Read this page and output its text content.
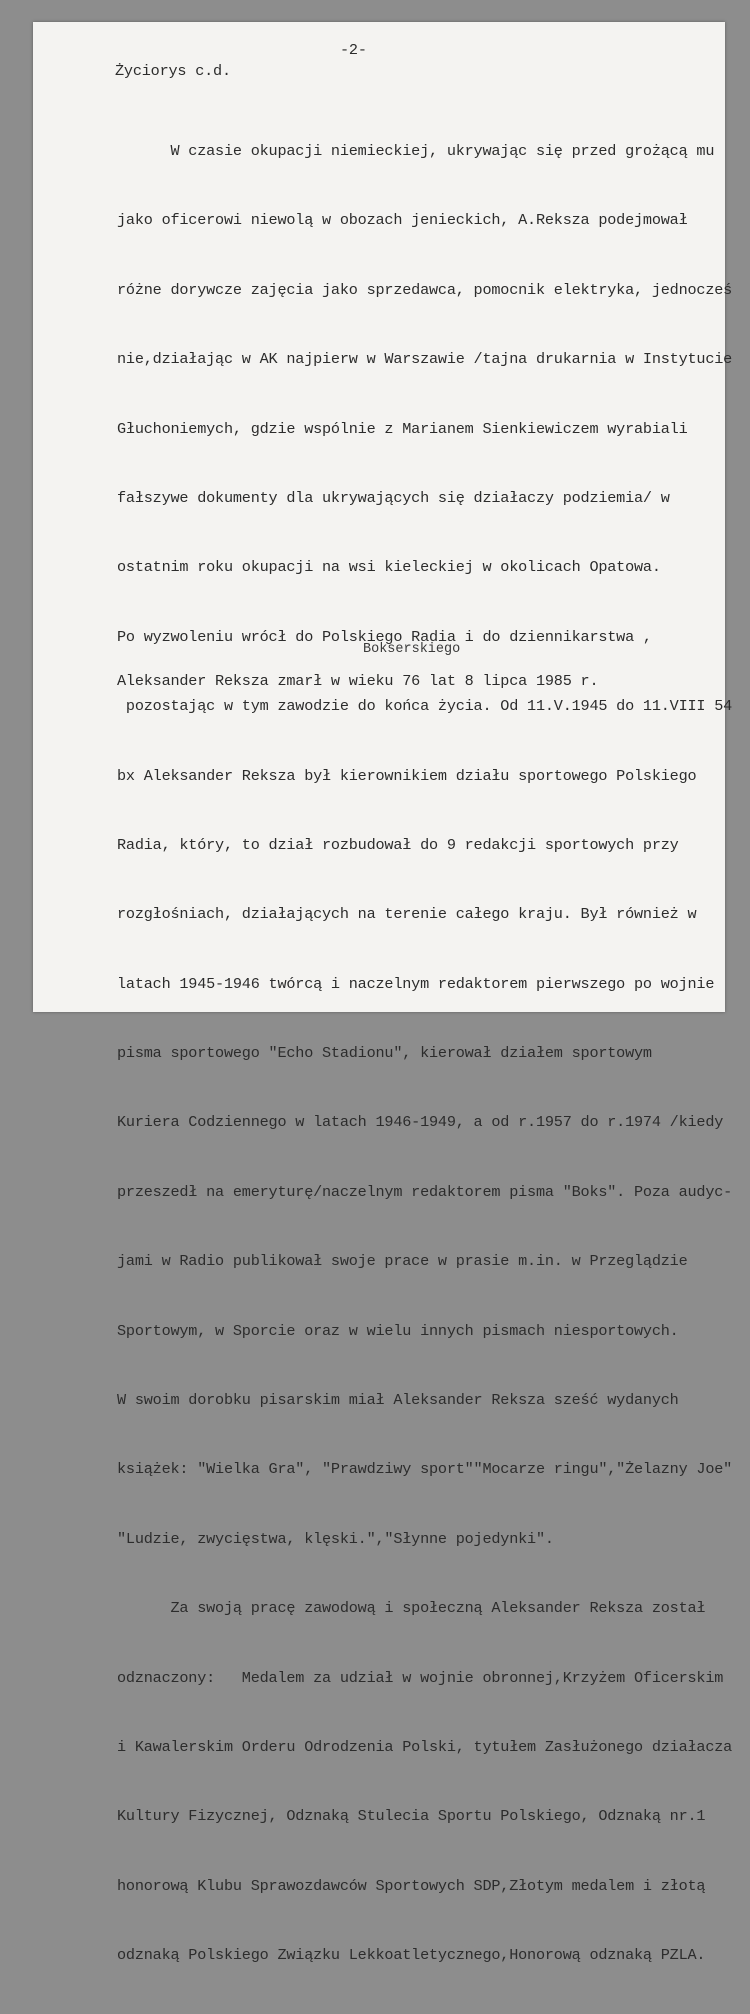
-2-
Życiorys c.d.

W czasie okupacji niemieckiej, ukrywając się przed grożącą mu

jako oficerowi niewolą w obozach jenieckich, A.Reksza podejmował

różne dorywcze zajęcia jako sprzedawca, pomocnik elektryka, jednocześ

nie,działając w AK najpierw w Warszawie /tajna drukarnia w Instytucie

Głuchoniemych, gdzie wspólnie z Marianem Sienkiewiczem wyrabiali

fałszywe dokumenty dla ukrywających się działaczy podziemia/ w

ostatnim roku okupacji na wsi kieleckiej w okolicach Opatowa.

Po wyzwoleniu wrócł do Polskiego Radia i do dziennikarstwa ,

pozostając w tym zawodzie do końca życia. Od 11.V.1945 do 11.VIII 54

bx Aleksander Reksza był kierownikiem działu sportowego Polskiego

Radia, który, to dział rozbudował do 9 redakcji sportowych przy

rozgłośniach, działających na terenie całego kraju. Był również w

latach 1945-1946 twórcą i naczelnym redaktorem pierwszego po wojnie

pisma sportowego "Echo Stadionu", kierował działem sportowym

Kuriera Codziennego w latach 1946-1949, a od r.1957 do r.1974 /kiedy

przeszedł na emeryturę/naczelnym redaktorem pisma "Boks". Poza audyc-

jami w Radio publikował swoje prace w prasie m.in. w Przeglądzie

Sportowym, w Sporcie oraz w wielu innych pismach niesportowych.

W swoim dorobku pisarskim miał Aleksander Reksza sześć wydanych

książek: "Wielka Gra", "Prawdziwy sport""Mocarze ringu","Żelazny Joe"

"Ludzie, zwycięstwa, klęski.","Słynne pojedynki".

Za swoją pracę zawodową i społeczną Aleksander Reksza został

odznaczony:   Medalem za udział w wojnie obronnej,Krzyżem Oficerskim

i Kawalerskim Orderu Odrodzenia Polski, tytułem Zasłużonego działacza

Kultury Fizycznej, Odznaką Stulecia Sportu Polskiego, Odznaką nr.1

honorową Klubu Sprawozdawców Sportowych SDP,Złotym medalem i złotą

odznaką Polskiego Związku Lekkoatletycznego,Honorową odznaką PZLA.

Bokserskiego
Aleksander Reksza zmarł w wieku 76 lat 8 lipca 1985 r.
